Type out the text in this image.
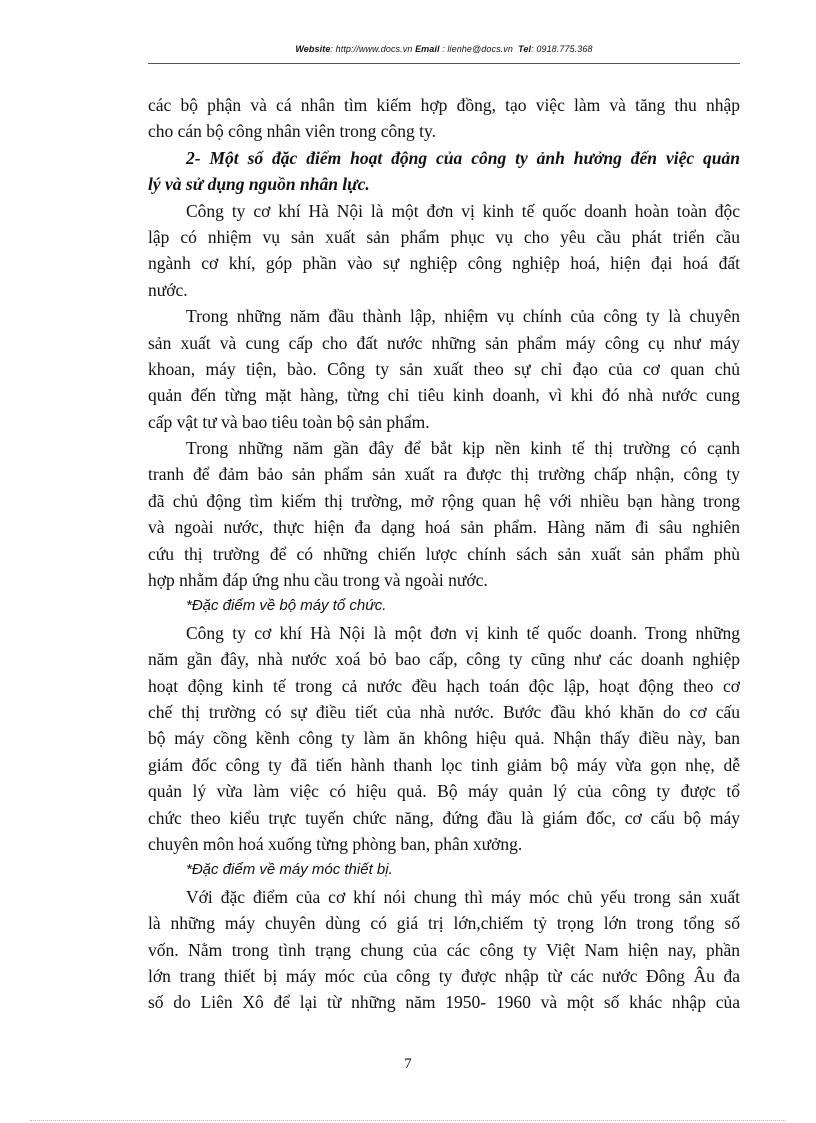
Website: http://www.docs.vn Email : lienhe@docs.vn Tel: 0918.775.368
các bộ phận và cá nhân tìm kiếm hợp đồng, tạo việc làm và tăng thu nhập
cho cán bộ công nhân viên trong công ty.
2- Một số đặc điểm hoạt động của công ty ảnh hưởng đến việc quản
lý và sử dụng nguồn nhân lực.
Công ty cơ khí Hà Nội là một đơn vị kinh tế quốc doanh hoàn toàn độc
lập có nhiệm vụ sản xuất sản phẩm phục vụ cho yêu cầu phát triển cầu
ngành cơ khí, góp phần vào sự nghiệp công nghiệp hoá, hiện đại hoá đất
nước.
Trong những năm đầu thành lập, nhiệm vụ chính của công ty là chuyên
sản xuất và cung cấp cho đất nước những sản phẩm máy công cụ như máy
khoan, máy tiện, bào. Công ty sản xuất theo sự chỉ đạo của cơ quan chủ
quản đến từng mặt hàng, từng chỉ tiêu kinh doanh, vì khi đó nhà nước cung
cấp vật tư và bao tiêu toàn bộ sản phẩm.
Trong những năm gần đây để bắt kịp nền kinh tế thị trường có cạnh
tranh để đảm bảo sản phẩm sản xuất ra được thị trường chấp nhận, công ty
đã chủ động tìm kiếm thị trường, mở rộng quan hệ với nhiều bạn hàng trong
và ngoài nước, thực hiện đa dạng hoá sản phẩm. Hàng năm đi sâu nghiên
cứu thị trường để có những chiến lược chính sách sản xuất sản phẩm phù
hợp nhằm đáp ứng nhu cầu trong và ngoài nước.
*Đặc điểm về bộ máy tổ chức.
Công ty cơ khí Hà Nội là một đơn vị kinh tế quốc doanh. Trong những
năm gần đây, nhà nước xoá bỏ bao cấp, công ty cũng như các doanh nghiệp
hoạt động kinh tế trong cả nước đều hạch toán độc lập, hoạt động theo cơ
chế thị trường có sự điều tiết của nhà nước. Bước đầu khó khăn do cơ cấu
bộ máy cồng kềnh công ty làm ăn không hiệu quả. Nhận thấy điều này, ban
giám đốc công ty đã tiến hành thanh lọc tinh giảm bộ máy vừa gọn nhẹ, dễ
quản lý vừa làm việc có hiệu quả. Bộ máy quản lý của công ty được tổ
chức theo kiểu trực tuyến chức năng, đứng đầu là giám đốc, cơ cấu bộ máy
chuyên môn hoá xuống từng phòng ban, phân xưởng.
*Đặc điểm về máy móc thiết bị.
Với đặc điểm của cơ khí nói chung thì máy móc chủ yếu trong sản xuất
là những máy chuyên dùng có giá trị lớn,chiếm tỷ trọng lớn trong tổng số
vốn. Nằm trong tình trạng chung của các công ty Việt Nam hiện nay, phần
lớn trang thiết bị máy móc của công ty được nhập từ các nước Đông Âu đa
số do Liên Xô để lại từ những năm 1950- 1960 và một số khác nhập của
7
